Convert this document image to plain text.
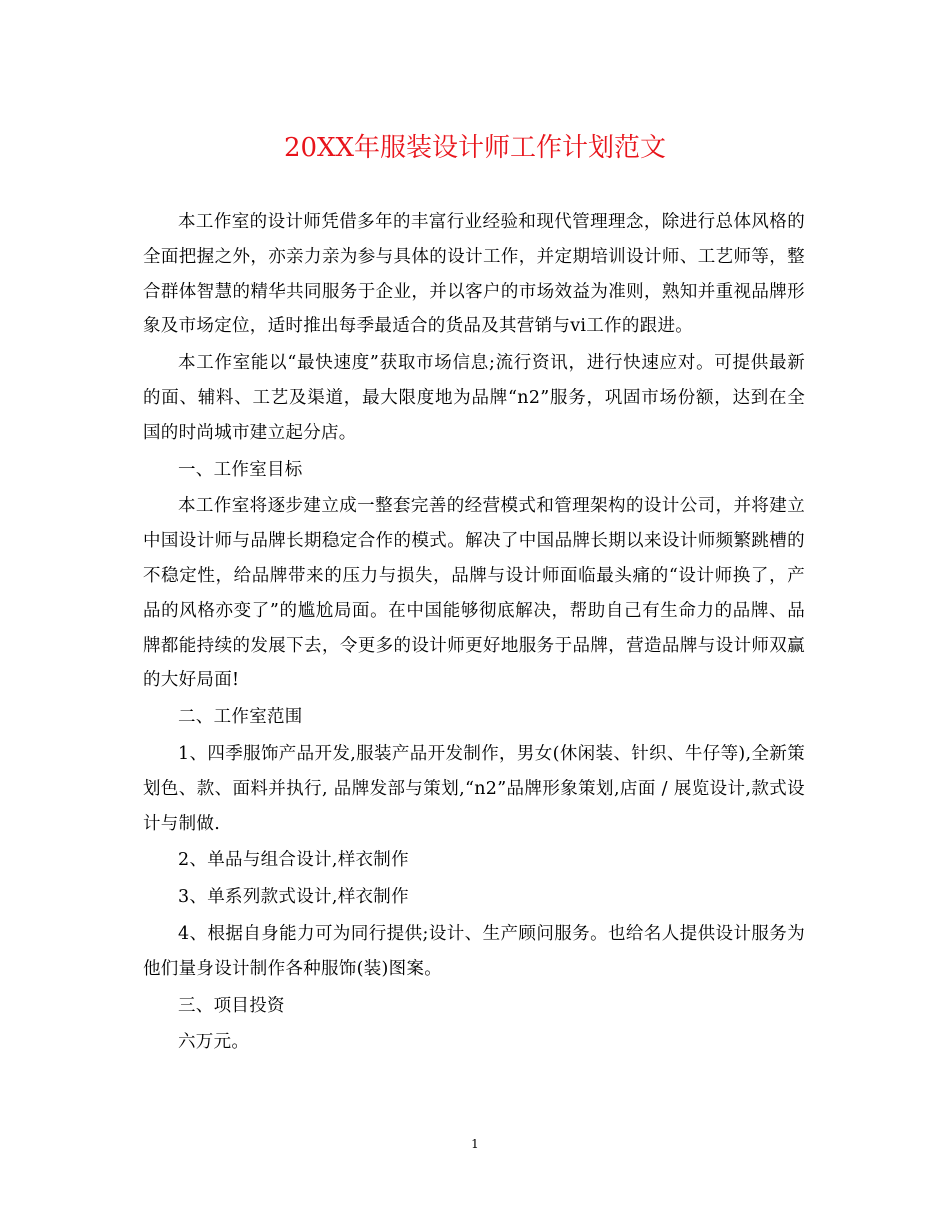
20XX年服装设计师工作计划范文

本工作室的设计师凭借多年的丰富行业经验和现代管理理念，除进行总体风格的全面把握之外，亦亲力亲为参与具体的设计工作，并定期培训设计师、工艺师等，整合群体智慧的精华共同服务于企业，并以客户的市场效益为准则，熟知并重视品牌形象及市场定位，适时推出每季最适合的货品及其营销与vi工作的跟进。

本工作室能以“最快速度”获取市场信息;流行资讯，进行快速应对。可提供最新的面、辅料、工艺及渠道，最大限度地为品牌“n2”服务，巩固市场份额，达到在全国的时尚城市建立起分店。

一、工作室目标

本工作室将逐步建立成一整套完善的经营模式和管理架构的设计公司，并将建立中国设计师与品牌长期稳定合作的模式。解决了中国品牌长期以来设计师频繁跳槽的不稳定性，给品牌带来的压力与损失，品牌与设计师面临最头痛的“设计师换了，产品的风格亦变了”的尴尬局面。在中国能够彻底解决，帮助自己有生命力的品牌、品牌都能持续的发展下去，令更多的设计师更好地服务于品牌，营造品牌与设计师双赢的大好局面!

二、工作室范围

1、四季服饰产品开发,服装产品开发制作，男女(休闲装、针织、牛仔等),全新策划色、款、面料并执行, 品牌发部与策划,“n2”品牌形象策划,店面 / 展览设计,款式设计与制做.

2、单品与组合设计,样衣制作

3、单系列款式设计,样衣制作

4、根据自身能力可为同行提供;设计、生产顾问服务。也给名人提供设计服务为他们量身设计制作各种服饰(装)图案。

三、项目投资

六万元。

1
